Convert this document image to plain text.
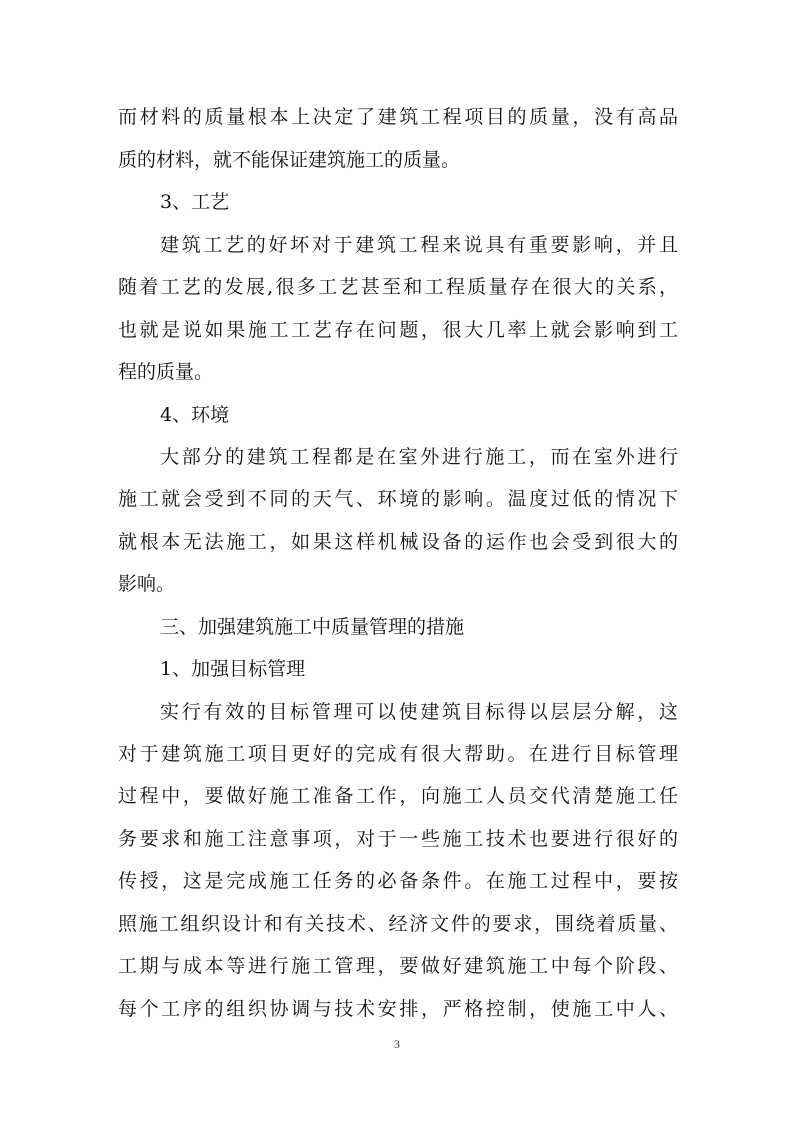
而材料的质量根本上决定了建筑工程项目的质量，没有高品
质的材料，就不能保证建筑施工的质量。
3、工艺
建筑工艺的好坏对于建筑工程来说具有重要影响，并且
随着工艺的发展,很多工艺甚至和工程质量存在很大的关系，
也就是说如果施工工艺存在问题，很大几率上就会影响到工
程的质量。
4、环境
大部分的建筑工程都是在室外进行施工，而在室外进行
施工就会受到不同的天气、环境的影响。温度过低的情况下
就根本无法施工，如果这样机械设备的运作也会受到很大的
影响。
三、加强建筑施工中质量管理的措施
1、加强目标管理
实行有效的目标管理可以使建筑目标得以层层分解，这
对于建筑施工项目更好的完成有很大帮助。在进行目标管理
过程中，要做好施工准备工作，向施工人员交代清楚施工任
务要求和施工注意事项，对于一些施工技术也要进行很好的
传授，这是完成施工任务的必备条件。在施工过程中，要按
照施工组织设计和有关技术、经济文件的要求，围绕着质量、
工期与成本等进行施工管理，要做好建筑施工中每个阶段、
每个工序的组织协调与技术安排，严格控制，使施工中人、
3
